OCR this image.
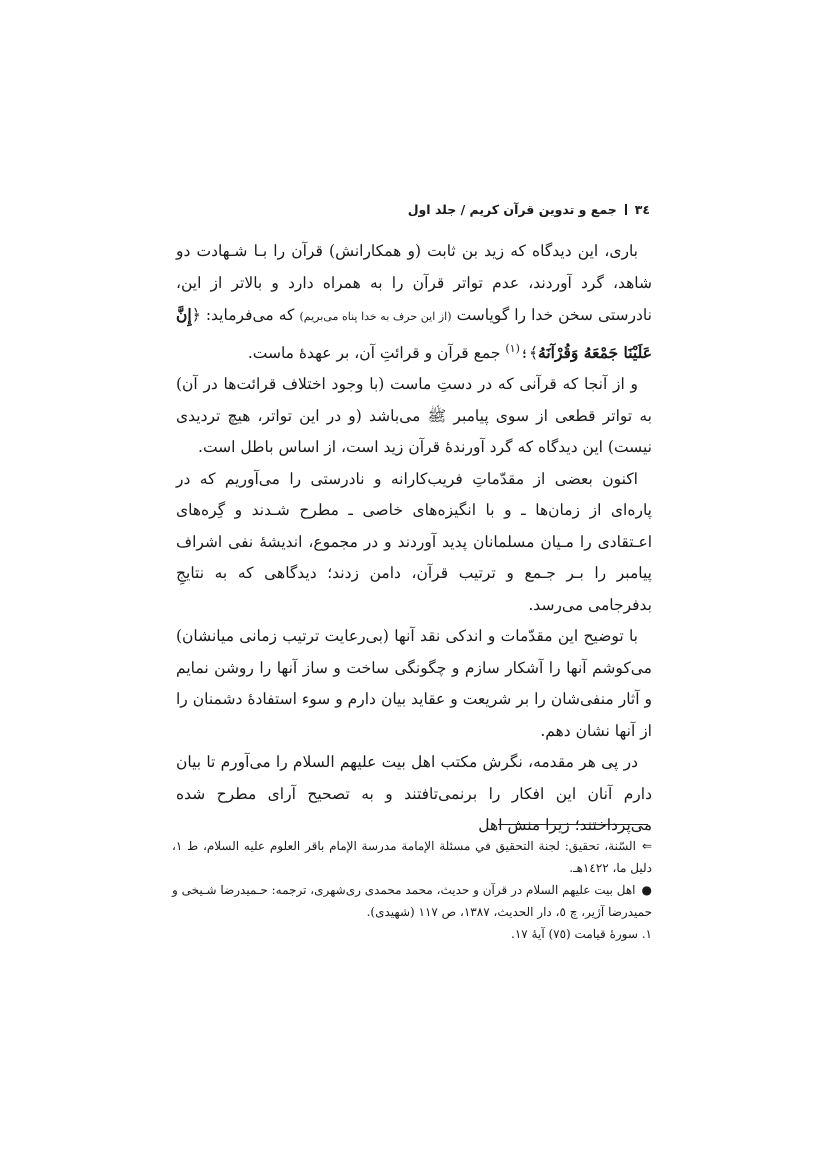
٣٤
جمع و تدوین قرآن کریم / جلد اول

باری، این دیدگاه که زید بن ثابت (و همکارانش) قرآن را بـا شـهادت دو شاهد، گرد آوردند، عدم تواتر قرآن را به همراه دارد و بالاتر از این، نادرستی سخن خدا را گویاست (از این حرف به خدا پناه می‌بریم) که می‌فرماید: ﴿إِنَّ عَلَيْنَا جَمْعَهُ وَقُرْآنَهُ﴾؛$^{(١)}$ جمع قرآن و قرائتِ آن، بر عهدهٔ ماست.

و از آنجا که قرآنی که در دستِ ماست (با وجود اختلاف قرائت‌ها در آن) به تواتر قطعی از سوی پیامبر ﷺ می‌باشد (و در این تواتر، هیچ تردیدی نیست) این دیدگاه که گرد آورندهٔ قرآن زید است، از اساس باطل است.

اکنون بعضی از مقدّماتِ فریب‌کارانه و نادرستی را می‌آوریم که در پاره‌ای از زمان‌ها ـ و با انگیزه‌های خاصی ـ مطرح شـدند و گِره‌های اعـتقادی را مـیان مسلمانان پدید آوردند و در مجموع، اندیشهٔ نفی اشراف پیامبر را بـر جـمع و ترتیب قرآن، دامن زدند؛ دیدگاهی که به نتایجِ بدفرجامی می‌رسد.

با توضیح این مقدّمات و اندکی نقد آنها (بی‌رعایت ترتیب زمانی میانشان) می‌کوشم آنها را آشکار سازم و چگونگی ساخت و ساز آنها را روشن نمایم و آثار منفی‌شان را بر شریعت و عقاید بیان دارم و سوء استفادهٔ دشمنان را از آنها نشان دهم.

در پی هر مقدمه، نگرش مکتب اهل بیت علیهم السلام را می‌آورم تا بیان دارم آنان این افکار را برنمی‌تافتند و به تصحیح آرای مطرح شده می‌پرداختند؛ زیرا منش اهل

⇐السّنة، تحقيق: لجنة التحقيق في مسئلة الإمامة مدرسة الإمام باقر العلوم علیه السلام، ط ١، دليل ما، ١٤٢٢هـ.

●اهل بیت علیهم السلام در قرآن و حدیث، محمد محمدی ری‌شهری، ترجمه: حـمیدرضا شـیخی و حمیدرضا آژیر، چ ٥، دار الحدیث، ١٣٨٧، ص ١١٧ (شهیدی).

١. سورهٔ قیامت (٧٥) آیهٔ ١٧.
